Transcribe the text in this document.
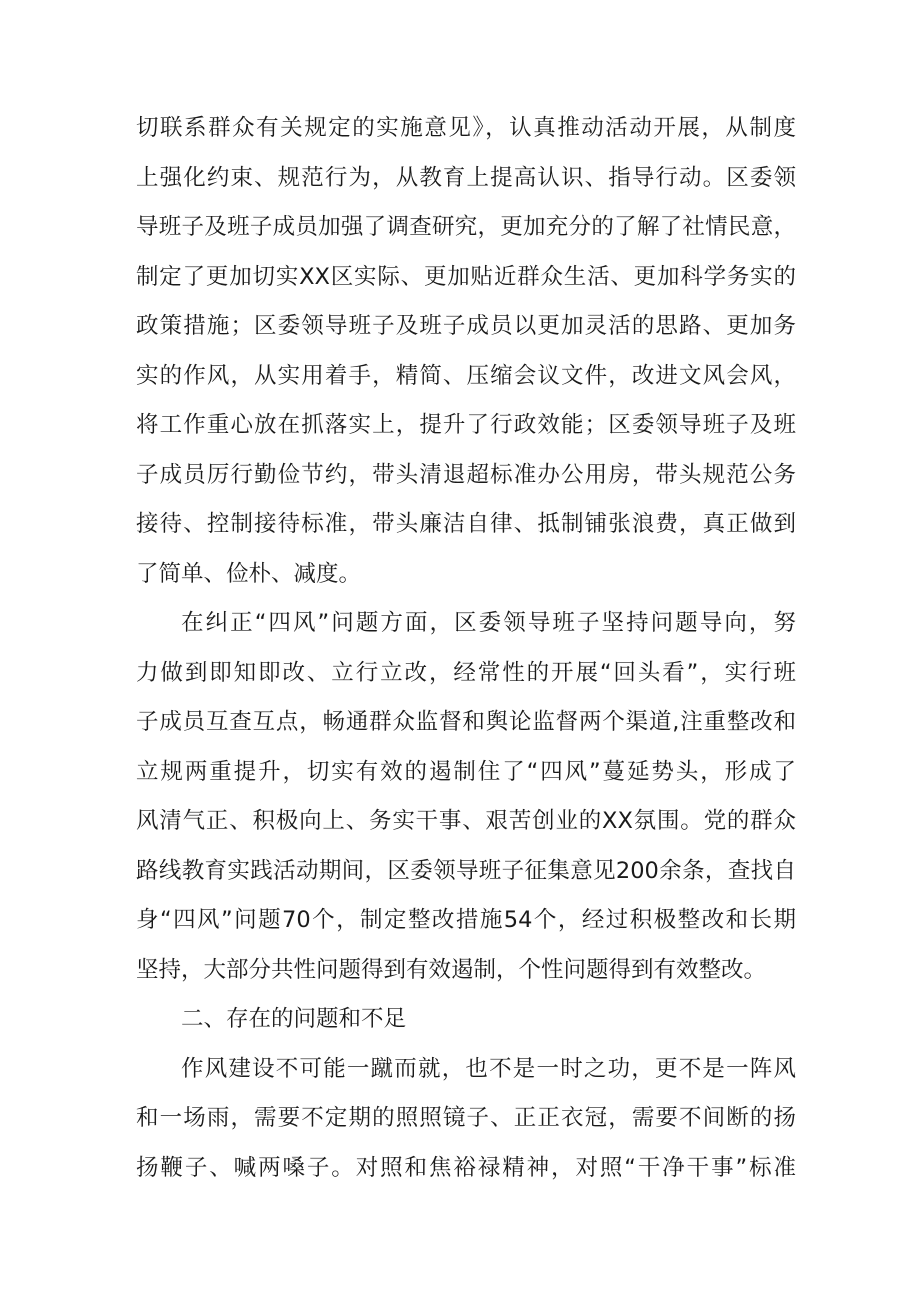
切联系群众有关规定的实施意见》，认真推动活动开展，从制度
上强化约束、规范行为，从教育上提高认识、指导行动。区委领
导班子及班子成员加强了调查研究，更加充分的了解了社情民意，
制定了更加切实XX区实际、更加贴近群众生活、更加科学务实的
政策措施；区委领导班子及班子成员以更加灵活的思路、更加务
实的作风，从实用着手，精简、压缩会议文件，改进文风会风，
将工作重心放在抓落实上，提升了行政效能；区委领导班子及班
子成员厉行勤俭节约，带头清退超标准办公用房，带头规范公务
接待、控制接待标准，带头廉洁自律、抵制铺张浪费，真正做到
了简单、俭朴、减度。
在纠正“四风”问题方面，区委领导班子坚持问题导向，努
力做到即知即改、立行立改，经常性的开展“回头看”，实行班
子成员互查互点，畅通群众监督和舆论监督两个渠道,注重整改和
立规两重提升，切实有效的遏制住了“四风”蔓延势头，形成了
风清气正、积极向上、务实干事、艰苦创业的XX氛围。党的群众
路线教育实践活动期间，区委领导班子征集意见200余条，查找自
身“四风”问题70个，制定整改措施54个，经过积极整改和长期
坚持，大部分共性问题得到有效遏制，个性问题得到有效整改。
二、存在的问题和不足
作风建设不可能一蹴而就，也不是一时之功，更不是一阵风
和一场雨，需要不定期的照照镜子、正正衣冠，需要不间断的扬
扬鞭子、喊两嗓子。对照和焦裕禄精神，对照“干净干事”标准
